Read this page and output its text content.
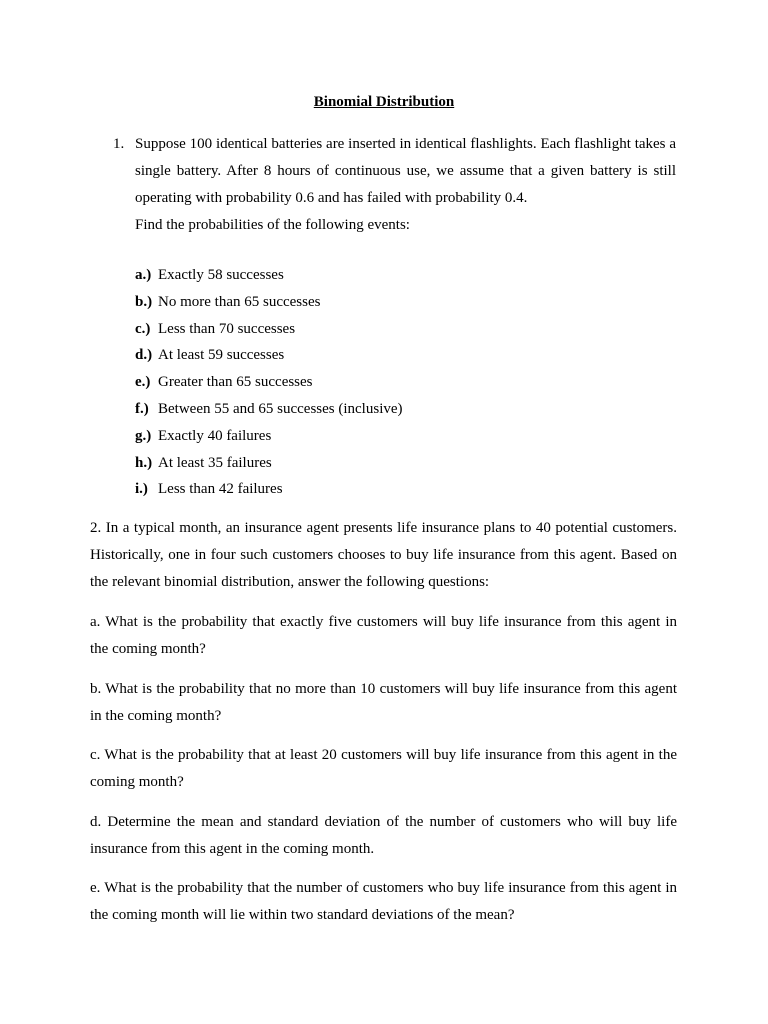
Binomial Distribution
1. Suppose 100 identical batteries are inserted in identical flashlights. Each flashlight takes a single battery. After 8 hours of continuous use, we assume that a given battery is still operating with probability 0.6 and has failed with probability 0.4.

Find the probabilities of the following events:

a.) Exactly 58 successes
b.) No more than 65 successes
c.) Less than 70 successes
d.) At least 59 successes
e.) Greater than 65 successes
f.) Between 55 and 65 successes (inclusive)
g.) Exactly 40 failures
h.) At least 35 failures
i.) Less than 42 failures

2. In a typical month, an insurance agent presents life insurance plans to 40 potential customers. Historically, one in four such customers chooses to buy life insurance from this agent. Based on the relevant binomial distribution, answer the following questions:

a. What is the probability that exactly five customers will buy life insurance from this agent in the coming month?

b. What is the probability that no more than 10 customers will buy life insurance from this agent in the coming month?

c. What is the probability that at least 20 customers will buy life insurance from this agent in the coming month?

d. Determine the mean and standard deviation of the number of customers who will buy life insurance from this agent in the coming month.

e. What is the probability that the number of customers who buy life insurance from this agent in the coming month will lie within two standard deviations of the mean?
